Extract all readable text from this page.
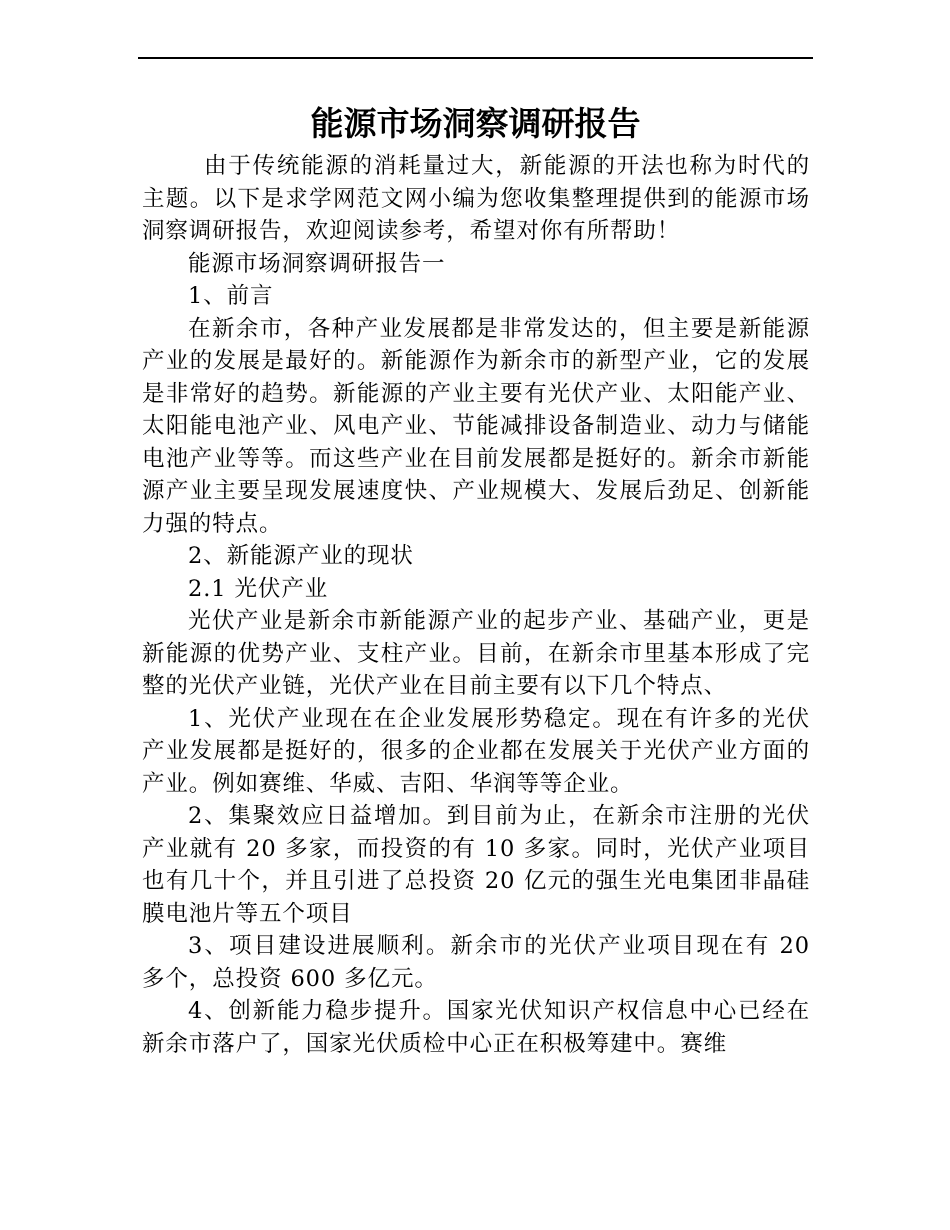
能源市场洞察调研报告

由于传统能源的消耗量过大，新能源的开法也称为时代的主题。以下是求学网范文网小编为您收集整理提供到的能源市场洞察调研报告，欢迎阅读参考，希望对你有所帮助！

能源市场洞察调研报告一

1、前言

在新余市，各种产业发展都是非常发达的，但主要是新能源产业的发展是最好的。新能源作为新余市的新型产业，它的发展是非常好的趋势。新能源的产业主要有光伏产业、太阳能产业、太阳能电池产业、风电产业、节能减排设备制造业、动力与储能电池产业等等。而这些产业在目前发展都是挺好的。新余市新能源产业主要呈现发展速度快、产业规模大、发展后劲足、创新能力强的特点。

2、新能源产业的现状

2.1 光伏产业

光伏产业是新余市新能源产业的起步产业、基础产业，更是新能源的优势产业、支柱产业。目前，在新余市里基本形成了完整的光伏产业链，光伏产业在目前主要有以下几个特点、

1、光伏产业现在在企业发展形势稳定。现在有许多的光伏产业发展都是挺好的，很多的企业都在发展关于光伏产业方面的产业。例如赛维、华威、吉阳、华润等等企业。

2、集聚效应日益增加。到目前为止，在新余市注册的光伏产业就有 20 多家，而投资的有 10 多家。同时，光伏产业项目也有几十个，并且引进了总投资 20 亿元的强生光电集团非晶硅膜电池片等五个项目

3、项目建设进展顺利。新余市的光伏产业项目现在有 20 多个，总投资 600 多亿元。

4、创新能力稳步提升。国家光伏知识产权信息中心已经在新余市落户了，国家光伏质检中心正在积极筹建中。赛维
